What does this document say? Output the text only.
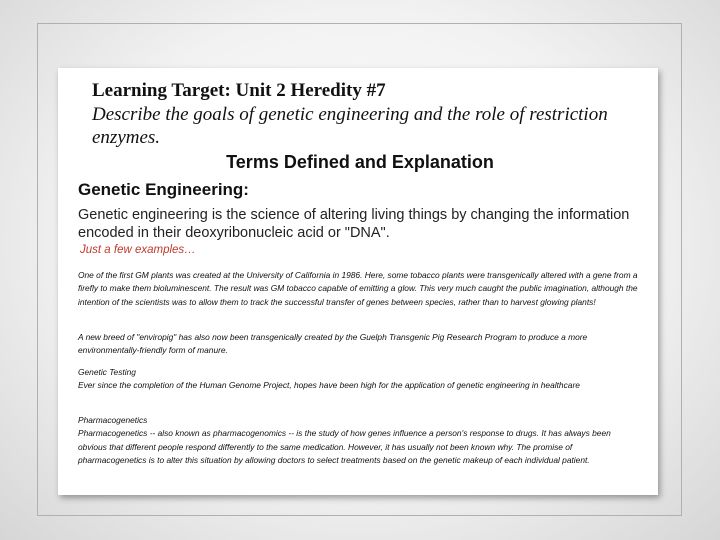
Learning Target: Unit 2 Heredity #7
Describe the goals of genetic engineering and the role of restriction enzymes.
Terms Defined and Explanation
Genetic Engineering:
Genetic engineering is the science of altering living things by changing the information encoded in their deoxyribonucleic acid or "DNA".
Just a few examples…
One of the first GM plants was created at the University of California in 1986. Here, some tobacco plants were transgenically altered with a gene from a firefly to make them bioluminescent. The result was GM tobacco capable of emitting a glow. This very much caught the public imagination, although the intention of the scientists was to allow them to track the successful transfer of genes between species, rather than to harvest glowing plants!
A new breed of "enviropig" has also now been transgenically created by the Guelph Transgenic Pig Research Program to produce a more environmentally-friendly form of manure.
Genetic Testing
Ever since the completion of the Human Genome Project, hopes have been high for the application of genetic engineering in healthcare
Pharmacogenetics
Pharmacogenetics -- also known as pharmacogenomics -- is the study of how genes influence a person's response to drugs. It has always been obvious that different people respond differently to the same medication. However, it has usually not been known why. The promise of pharmacogenetics is to alter this situation by allowing doctors to select treatments based on the genetic makeup of each individual patient.
